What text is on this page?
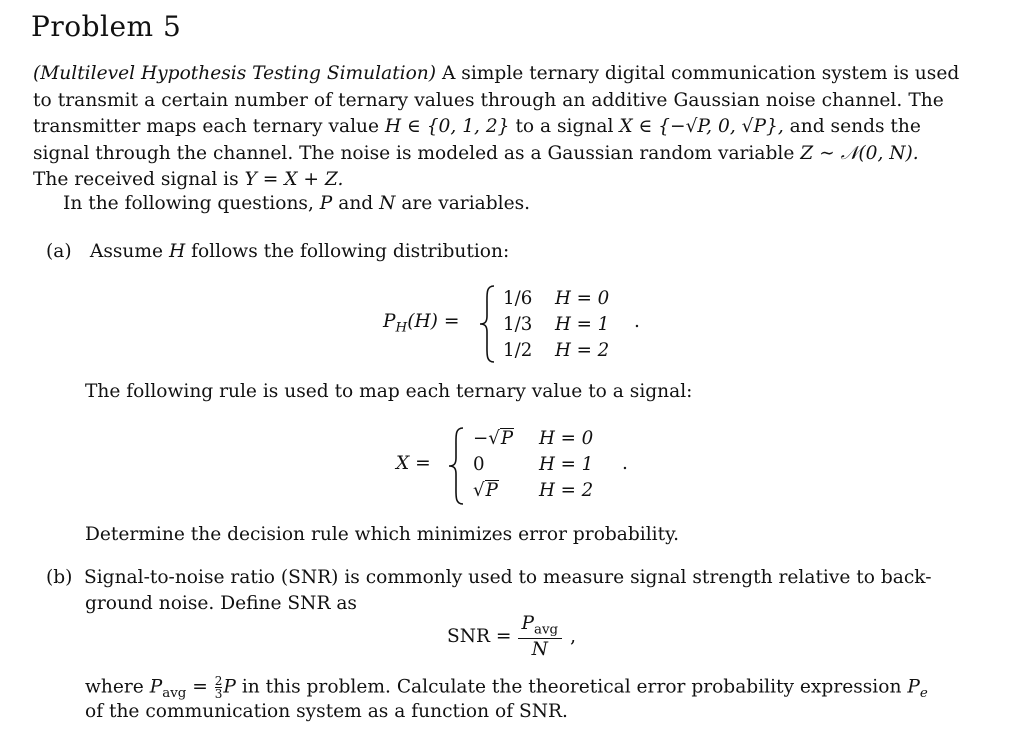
Problem 5
(Multilevel Hypothesis Testing Simulation) A simple ternary digital communication system is used
to transmit a certain number of ternary values through an additive Gaussian noise channel. The
transmitter maps each ternary value H ∈ {0, 1, 2} to a signal X ∈ {−√P, 0, √P}, and sends the
signal through the channel. The noise is modeled as a Gaussian random variable Z ∼ 𝒩(0, N).
The received signal is Y = X + Z.
In the following questions, P and N are variables.
(a) Assume H follows the following distribution:
$P_H(H)$ =
1/6	H = 0
1/3	H = 1
1/2	H = 2
.
The following rule is used to map each ternary value to a signal:
X =
−√P	H = 0
0	H = 1
√P	H = 2
.
Determine the decision rule which minimizes error probability.
(b) Signal-to-noise ratio (SNR) is commonly used to measure signal strength relative to back-
ground noise. Define SNR as
SNR = $\frac{P_{avg}}{N}$ ,
where $P_{avg} = \frac{2}{3}$ P in this problem. Calculate the theoretical error probability expression $P_e$
of the communication system as a function of SNR.
